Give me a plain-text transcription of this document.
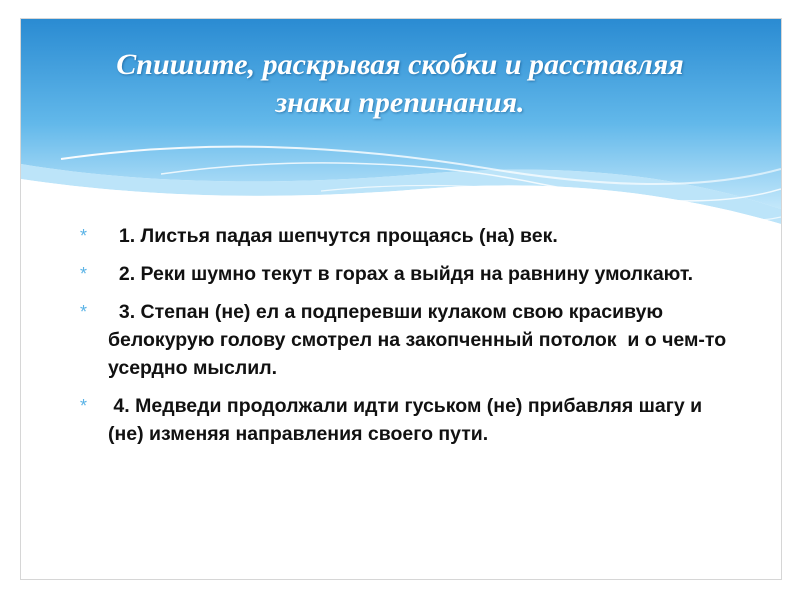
Спишите, раскрывая скобки и расставляя
знаки препинания.
* 1. Листья падая шепчутся прощаясь (на) век.
* 2. Реки шумно текут в горах а выйдя на равнину умолкают.
* 3. Степан (не) ел а подперевши кулаком свою красивую белокурую голову смотрел на закопченный потолок  и о чем-то усердно мыслил.
* 4. Медведи продолжали идти гуськом (не) прибавляя шагу и (не) изменяя направления своего пути.
